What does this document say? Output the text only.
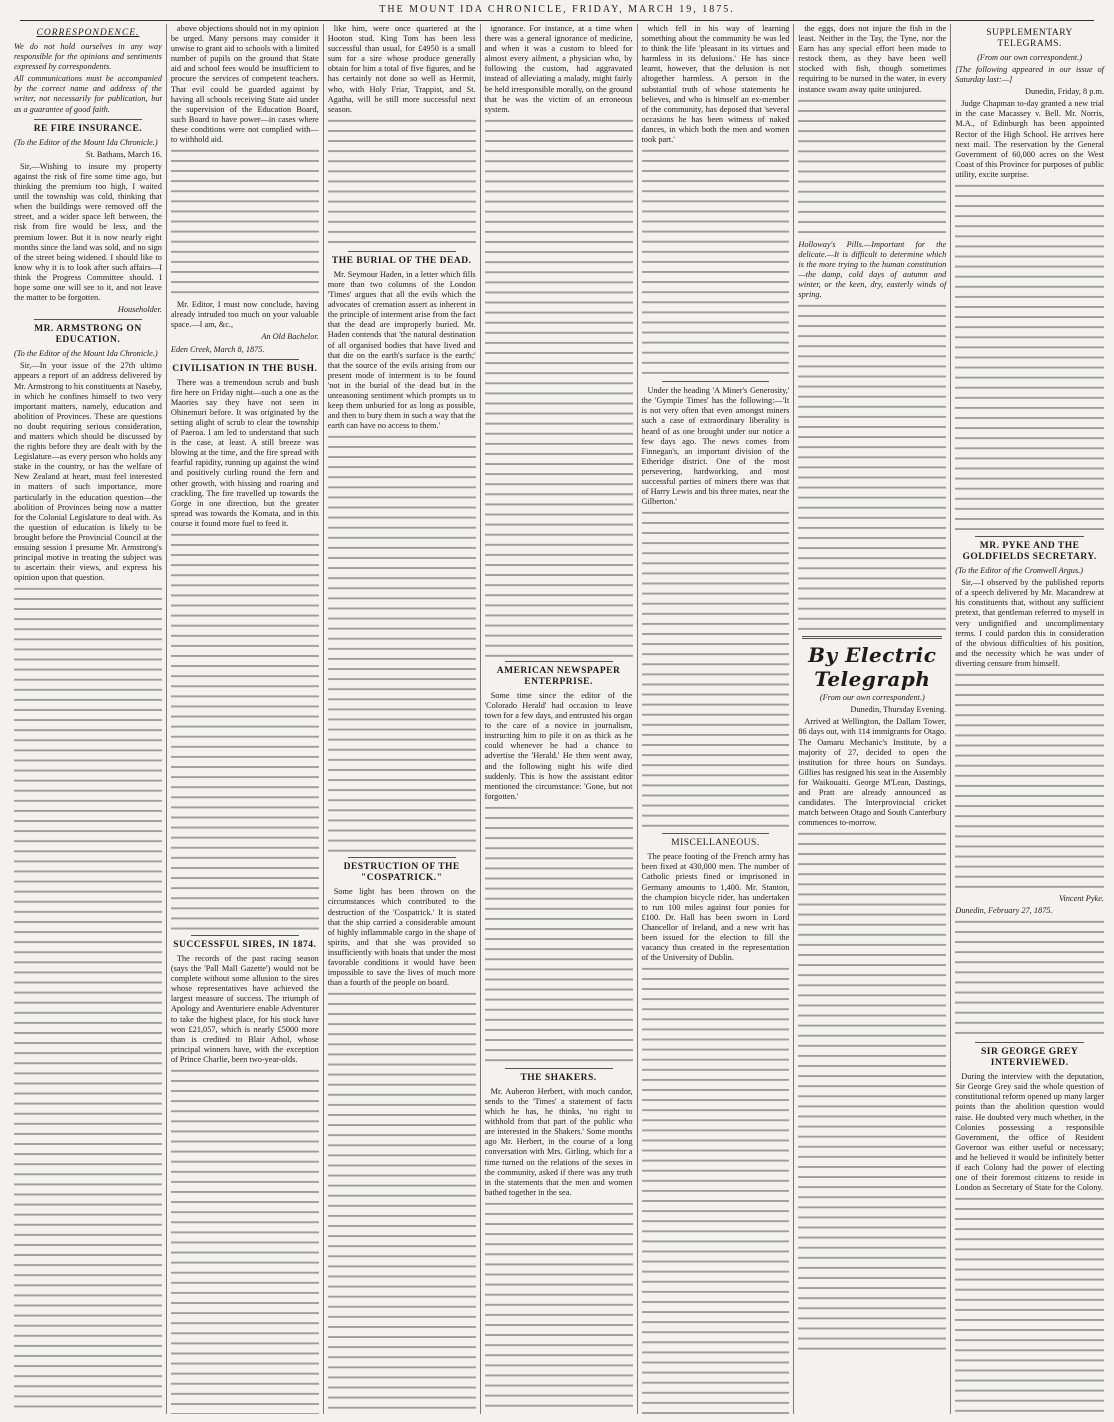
THE MOUNT IDA CHRONICLE, FRIDAY, MARCH 19, 1875.
CORRESPONDENCE.

We do not hold ourselves in any way responsible for the opinions and sentiments expressed by correspondents.

All communications must be accompanied by the correct name and address of the writer, not necessarily for publication, but as a guarantee of good faith.

RE FIRE INSURANCE.

(To the Editor of the Mount Ida Chronicle.)

St. Bathans, March 16.

Sir,—Wishing to insure my property against the risk of fire some time ago, but thinking the premium too high, I waited until the township was cold, thinking that when the buildings were removed off the street, and a wider space left between, the risk from fire would be less, and the premium lower. But it is now nearly eight months since the land was sold, and no sign of the street being widened. I should like to know why it is to look after such affairs—I think the Progress Committee should. I hope some one will see to it, and not leave the matter to be forgotten.

Householder.

MR. ARMSTRONG ON EDUCATION.

(To the Editor of the Mount Ida Chronicle.)

Sir,—In your issue of the 27th ultimo appears a report of an address delivered by Mr. Armstrong to his constituents at Naseby, in which he confines himself to two very important matters, namely, education and abolition of Provinces. These are questions no doubt requiring serious consideration, and matters which should be discussed by the rights before they are dealt with by the Legislature—as every person who holds any stake in the country, or has the welfare of New Zealand at heart, must feel interested in matters of such importance, more particularly in the education question—the abolition of Provinces being now a matter for the Colonial Legislature to deal with. As the question of education is likely to be brought before the Provincial Council at the ensuing session I presume Mr. Armstrong's principal motive in treating the subject was to ascertain their views, and express his opinion upon that question.

above objections should not in my opinion be urged. Many persons may consider it unwise to grant aid to schools with a limited number of pupils on the ground that State aid and school fees would be insufficient to procure the services of competent teachers. That evil could be guarded against by having all schools receiving State aid under the supervision of the Education Board, such Board to have power—in cases where these conditions were not complied with—to withhold aid.

Mr. Editor, I must now conclude, having already intruded too much on your valuable space.—I am, &c.,

An Old Bachelor.

Eden Creek, March 8, 1875.

CIVILISATION IN THE BUSH.

There was a tremendous scrub and bush fire here on Friday night—such a one as the Maories say they have not seen in Ohinemuri before. It was originated by the setting alight of scrub to clear the township of Paeroa. I am led to understand that such is the case, at least. A still breeze was blowing at the time, and the fire spread with fearful rapidity, running up against the wind and positively curling round the fern and other growth, with hissing and roaring and crackling. The fire travelled up towards the Gorge in one direction, but the greater spread was towards the Komata, and in this course it found more fuel to feed it.

SUCCESSFUL SIRES, IN 1874.

The records of the past racing season (says the 'Pall Mall Gazette') would not be complete without some allusion to the sires whose representatives have achieved the largest measure of success. The triumph of Apology and Aventuriere enable Adventurer to take the highest place, for his stock have won £21,057, which is nearly £5000 more than is credited to Blair Athol, whose principal winners have, with the exception of Prince Charlie, been two-year-olds.

like him, were once quartered at the Hooton stud. King Tom has been less successful than usual, for £4950 is a small sum for a sire whose produce generally obtain for him a total of five figures, and he has certainly not done so well as Hermit, who, with Holy Friar, Trappist, and St. Agatha, will be still more successful next season.

THE BURIAL OF THE DEAD.

Mr. Seymour Haden, in a letter which fills more than two columns of the London 'Times' argues that all the evils which the advocates of cremation assert as inherent in the principle of interment arise from the fact that the dead are improperly buried. Mr. Haden contends that 'the natural destination of all organised bodies that have lived and that die on the earth's surface is the earth;' that the source of the evils arising from our present mode of interment is to be found 'not in the burial of the dead but in the unreasoning sentiment which prompts us to keep them unburied for as long as possible, and then to bury them in such a way that the earth can have no access to them.'

DESTRUCTION OF THE "COSPATRICK."

Some light has been thrown on the circumstances which contributed to the destruction of the 'Cospatrick.' It is stated that the ship carried a considerable amount of highly inflammable cargo in the shape of spirits, and that she was provided so insufficiently with boats that under the most favorable conditions it would have been impossible to save the lives of much more than a fourth of the people on board.

ignorance. For instance, at a time when there was a general ignorance of medicine, and when it was a custom to bleed for almost every ailment, a physician who, by following the custom, had aggravated instead of alleviating a malady, might fairly be held irresponsible morally, on the ground that he was the victim of an erroneous system.

AMERICAN NEWSPAPER ENTERPRISE.

Some time since the editor of the 'Colorado Herald' had occasion to leave town for a few days, and entrusted his organ to the care of a novice in journalism, instructing him to pile it on as thick as he could whenever he had a chance to advertise the 'Herald.' He then went away, and the following night his wife died suddenly. This is how the assistant editor mentioned the circumstance: 'Gone, but not forgotten.'

THE SHAKERS.

Mr. Auberon Herbert, with much candor, sends to the 'Times' a statement of facts which he has, he thinks, 'no right to withhold from that part of the public who are interested in the Shakers.' Some months ago Mr. Herbert, in the course of a long conversation with Mrs. Girling, which for a time turned on the relations of the sexes in the community, asked if there was any truth in the statements that the men and women bathed together in the sea.

which fell in his way of learning something about the community he was led to think the life 'pleasant in its virtues and harmless in its delusions.' He has since learnt, however, that the delusion is not altogether harmless. A person in the substantial truth of whose statements he believes, and who is himself an ex-member of the community, has deposed that 'several occasions he has been witness of naked dances, in which both the men and women took part.'

Under the heading 'A Miner's Generosity,' the 'Gympie Times' has the following:—'It is not very often that even amongst miners such a case of extraordinary liberality is heard of as one brought under our notice a few days ago. The news comes from Finnegan's, an important division of the Etheridge district. One of the most persevering, hardworking, and most successful parties of miners there was that of Harry Lewis and his three mates, near the Gilberton.'

MISCELLANEOUS.

The peace footing of the French army has been fixed at 430,000 men. The number of Catholic priests fined or imprisoned in Germany amounts to 1,400. Mr. Stanton, the champion bicycle rider, has undertaken to run 100 miles against four ponies for £100. Dr. Hall has been sworn in Lord Chancellor of Ireland, and a new writ has been issued for the election to fill the vacancy thus created in the representation of the University of Dublin.

the eggs, does not injure the fish in the least. Neither in the Tay, the Tyne, nor the Earn has any special effort been made to restock them, as they have been well stocked with fish, though sometimes requiring to be nursed in the water, in every instance swam away quite uninjured.

Holloway's Pills.—Important for the delicate.—It is difficult to determine which is the more trying to the human constitution—the damp, cold days of autumn and winter, or the keen, dry, easterly winds of spring.

By Electric Telegraph
(From our own correspondent.)

Dunedin, Thursday Evening.

Arrived at Wellington, the Dallam Tower, 86 days out, with 114 immigrants for Otago. The Oamaru Mechanic's Institute, by a majority of 27, decided to open the institution for three hours on Sundays. Gillies has resigned his seat in the Assembly for Waikouaiti. George M'Lean, Dastings, and Pratt are already announced as candidates. The Interprovincial cricket match between Otago and South Canterbury commences to-morrow.

SUPPLEMENTARY TELEGRAMS.
(From our own correspondent.)

[The following appeared in our issue of Saturday last:—]

Dunedin, Friday, 8 p.m.

Judge Chapman to-day granted a new trial in the case Macassey v. Bell. Mr. Norris, M.A., of Edinburgh has been appointed Rector of the High School. He arrives here next mail. The reservation by the General Government of 60,000 acres on the West Coast of this Province for purposes of public utility, excite surprise.

MR. PYKE AND THE GOLDFIELDS SECRETARY.

(To the Editor of the Cromwell Argus.)

Sir,—I observed by the published reports of a speech delivered by Mr. Macandrew at his constituents that, without any sufficient pretext, that gentleman referred to myself in very undignified and uncomplimentary terms. I could pardon this in consideration of the obvious difficulties of his position, and the necessity which he was under of diverting censure from himself.

Vincent Pyke.

Dunedin, February 27, 1875.

SIR GEORGE GREY INTERVIEWED.

During the interview with the deputation, Sir George Grey said the whole question of constitutional reform opened up many larger points than the abolition question would raise. He doubted very much whether, in the Colonies possessing a responsible Government, the office of Resident Governor was either useful or necessary; and he believed it would be infinitely better if each Colony had the power of electing one of their foremost citizens to reside in London as Secretary of State for the Colony.
